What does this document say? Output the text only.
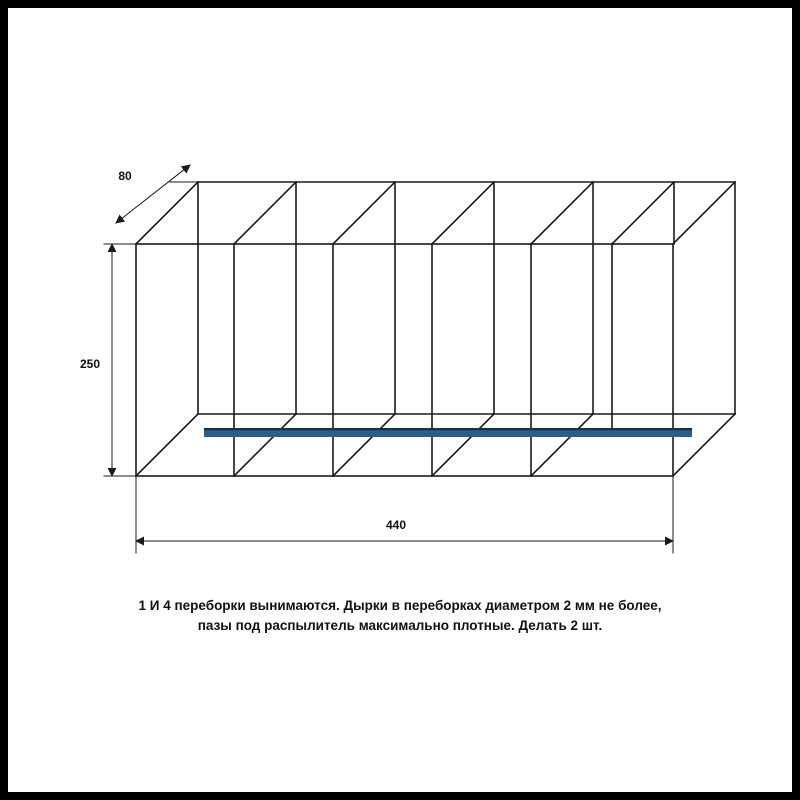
80
250
440
1 И 4 переборки вынимаются. Дырки в переборках диаметром 2 мм не более,
пазы под распылитель максимально плотные. Делать 2 шт.
